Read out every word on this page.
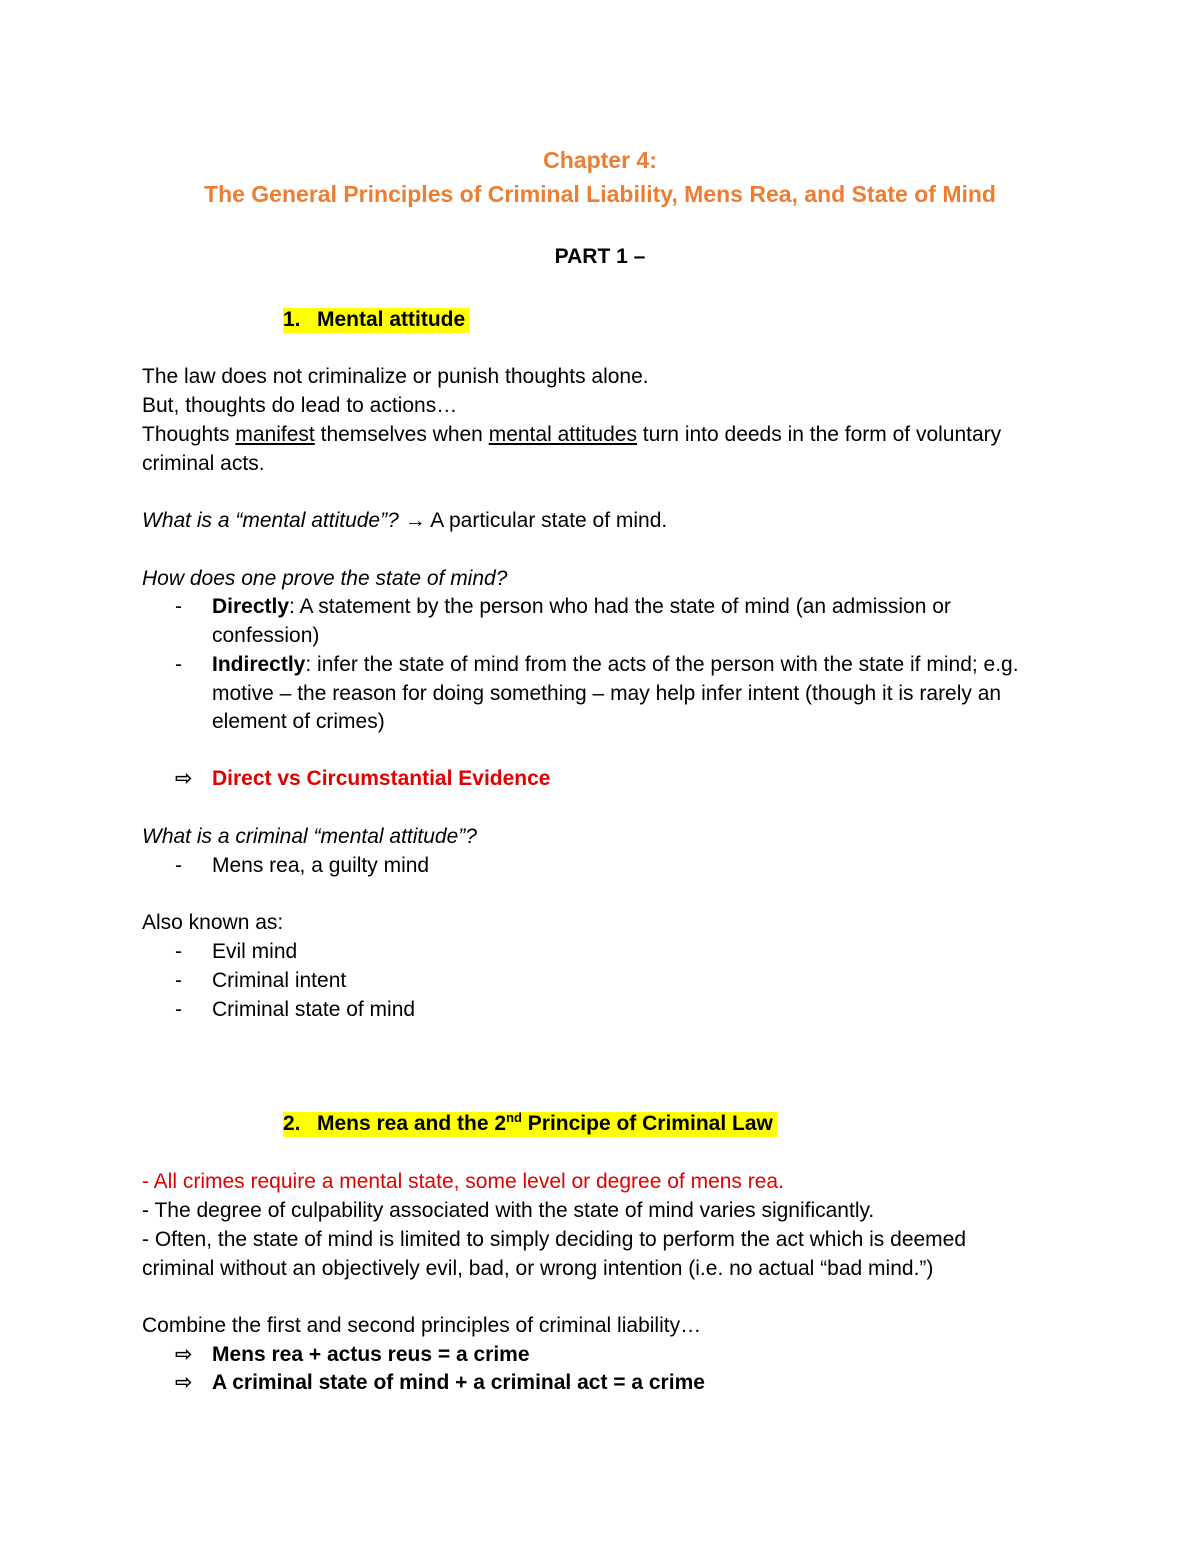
Chapter 4:
The General Principles of Criminal Liability, Mens Rea, and State of Mind
PART 1 –
1. Mental attitude
The law does not criminalize or punish thoughts alone.
But, thoughts do lead to actions…
Thoughts manifest themselves when mental attitudes turn into deeds in the form of voluntary
criminal acts.
What is a “mental attitude”? → A particular state of mind.
How does one prove the state of mind?
-	Directly: A statement by the person who had the state of mind (an admission or
confession)
-	Indirectly: infer the state of mind from the acts of the person with the state if mind; e.g.
motive – the reason for doing something – may help infer intent (though it is rarely an
element of crimes)
⇨ Direct vs Circumstantial Evidence
What is a criminal “mental attitude”?
-	Mens rea, a guilty mind
Also known as:
-	Evil mind
-	Criminal intent
-	Criminal state of mind
2. Mens rea and the 2nd Principe of Criminal Law
- All crimes require a mental state, some level or degree of mens rea.
- The degree of culpability associated with the state of mind varies significantly.
- Often, the state of mind is limited to simply deciding to perform the act which is deemed
criminal without an objectively evil, bad, or wrong intention (i.e. no actual “bad mind.”)
Combine the first and second principles of criminal liability…
⇨ Mens rea + actus reus = a crime
⇨ A criminal state of mind + a criminal act = a crime
